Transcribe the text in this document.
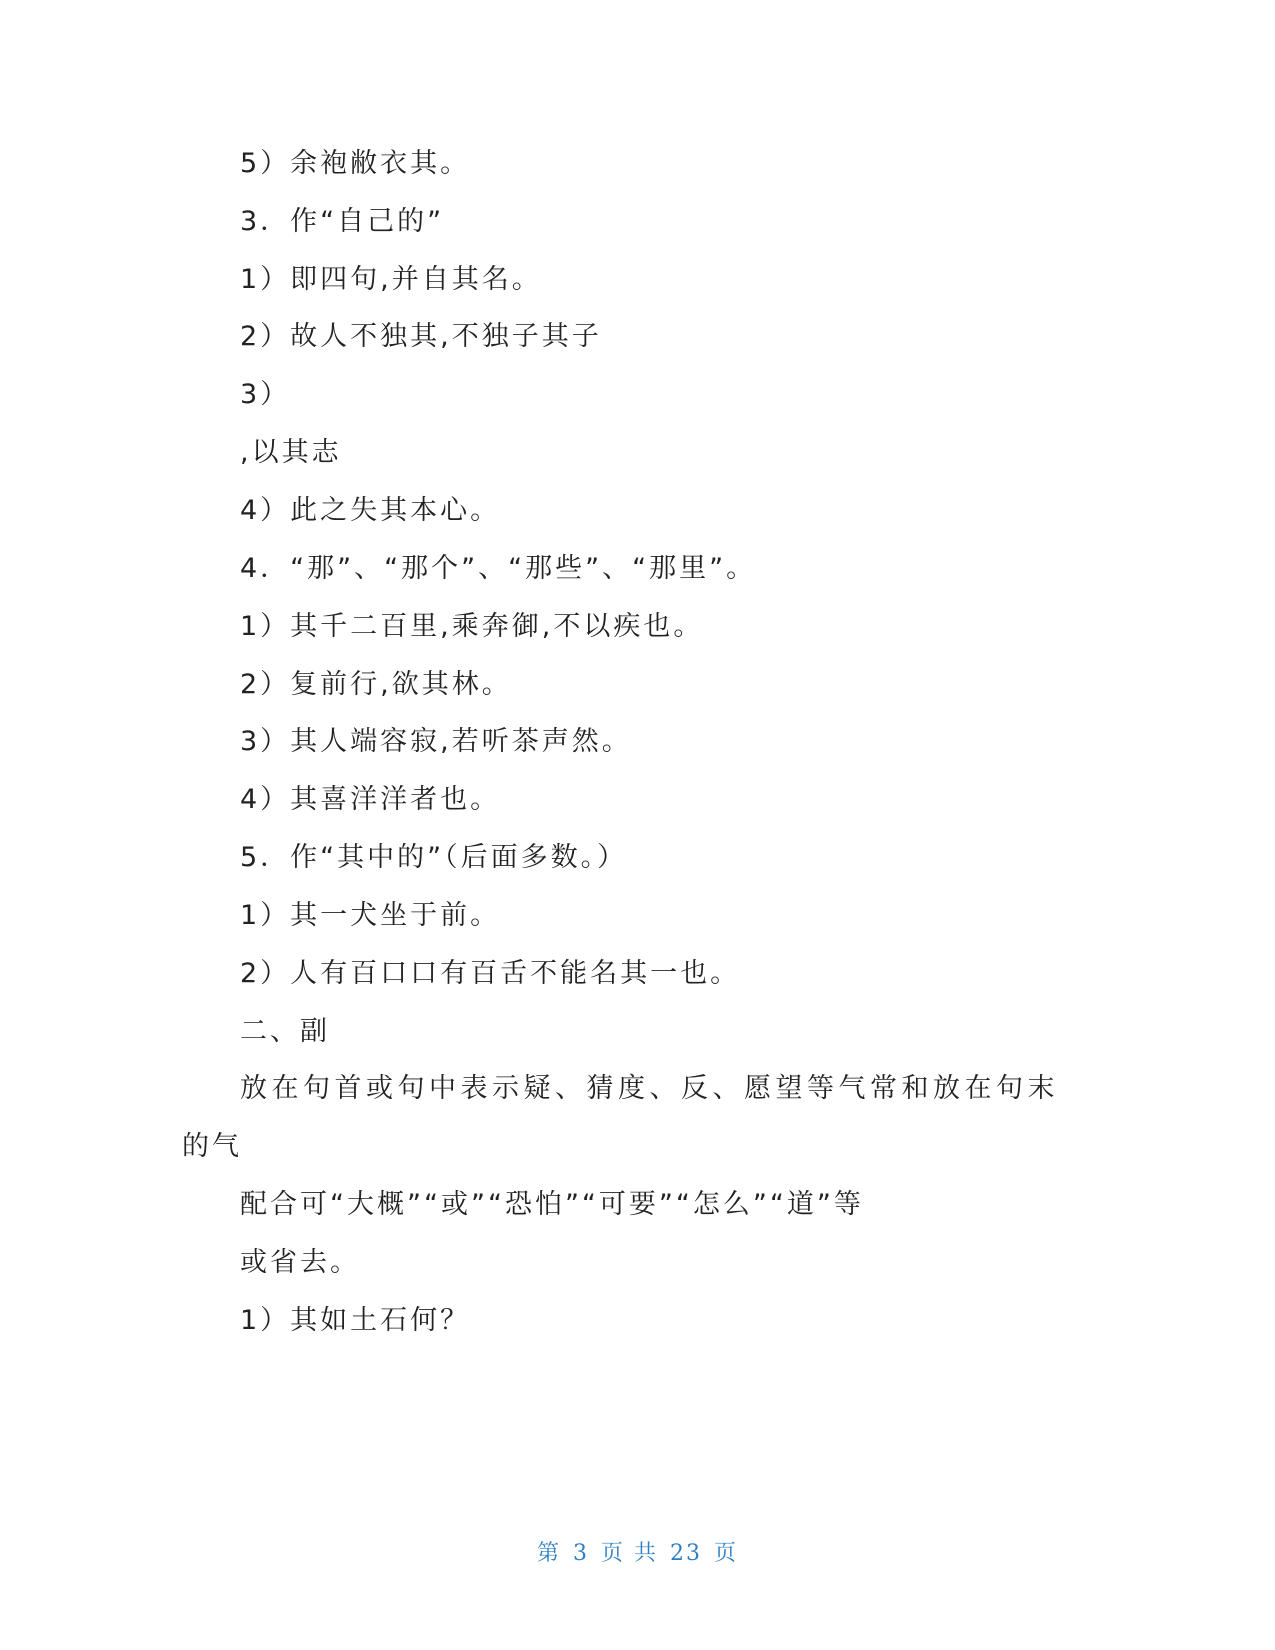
5）余袍敝衣其。
3．作“自己的”
1）即四句,并自其名。
2）故人不独其,不独子其子
3）
,以其志
4）此之失其本心。
4．“那”、“那个”、“那些”、“那里”。
1）其千二百里,乘奔御,不以疾也。
2）复前行,欲其林。
3）其人端容寂,若听茶声然。
4）其喜洋洋者也。
5．作“其中的”（后面多数。）
1）其一犬坐于前。
2）人有百口口有百舌不能名其一也。
二、副
放在句首或句中表示疑、猜度、反、愿望等气常和放在句末
的气
配合可“大概”“或”“恐怕”“可要”“怎么”“道”等
或省去。
1）其如土石何？
第 3 页 共 23 页
